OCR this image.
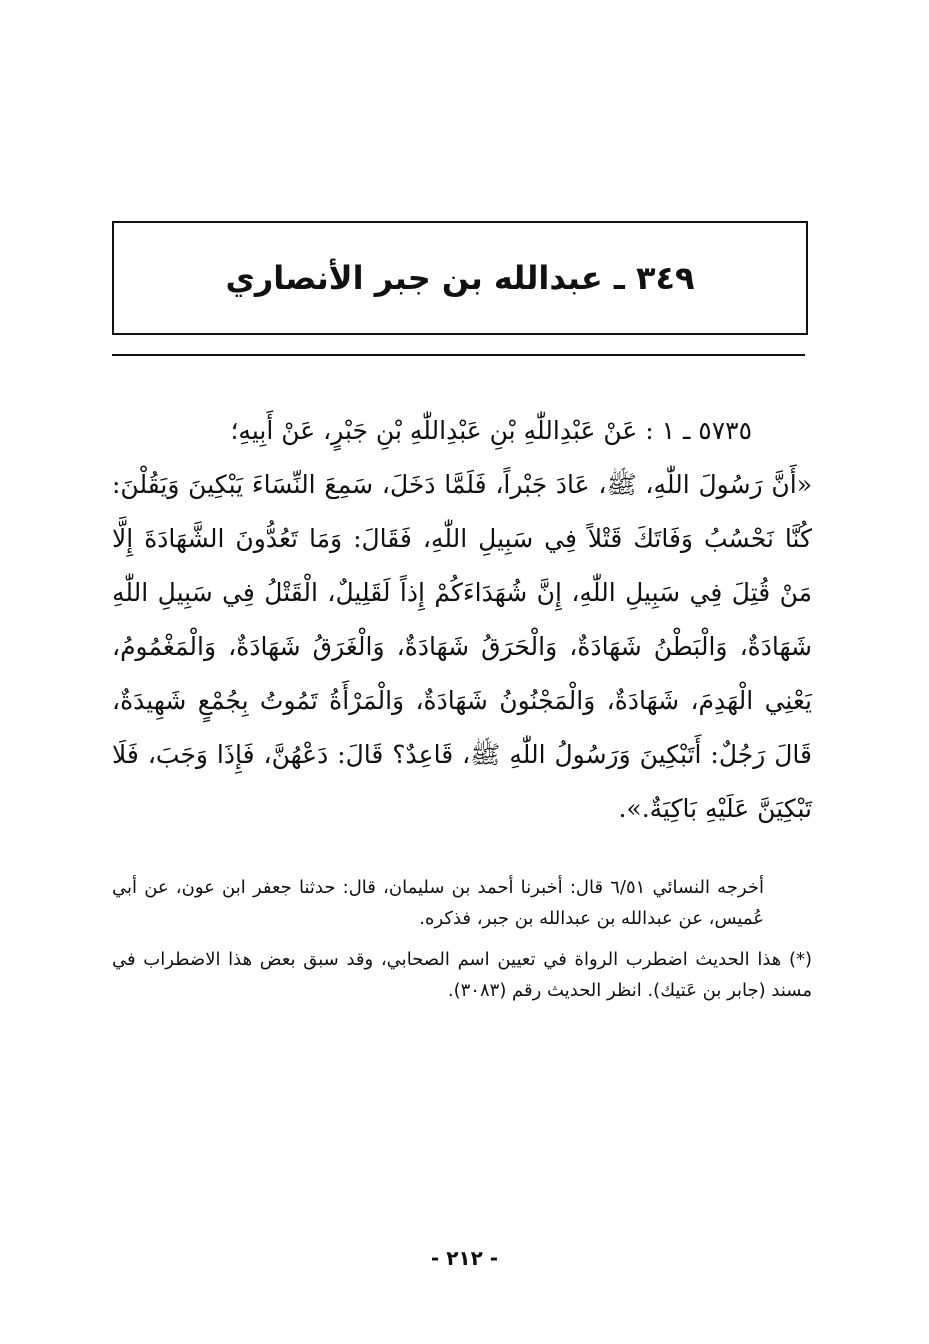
٣٤٩ ـ عبدالله بن جبر الأنصاري

٥٧٣٥ ـ ١ : عَنْ عَبْدِاللّٰهِ بْنِ عَبْدِاللّٰهِ بْنِ جَبْرٍ، عَنْ أَبِيهِ؛

«أَنَّ رَسُولَ اللّٰهِ، ﷺ، عَادَ جَبْراً، فَلَمَّا دَخَلَ، سَمِعَ النِّسَاءَ يَبْكِينَ وَيَقُلْنَ: كُنَّا نَحْسُبُ وَفَاتَكَ قَتْلاً فِي سَبِيلِ اللّٰهِ، فَقَالَ: وَمَا تَعُدُّونَ الشَّهَادَةَ إِلَّا مَنْ قُتِلَ فِي سَبِيلِ اللّٰهِ، إِنَّ شُهَدَاءَكُمْ إِذاً لَقَلِيلٌ، الْقَتْلُ فِي سَبِيلِ اللّٰهِ شَهَادَةٌ، وَالْبَطْنُ شَهَادَةٌ، وَالْحَرَقُ شَهَادَةٌ، وَالْغَرَقُ شَهَادَةٌ، وَالْمَغْمُومُ، يَعْنِي الْهَدِمَ، شَهَادَةٌ، وَالْمَجْنُونُ شَهَادَةٌ، وَالْمَرْأَةُ تَمُوتُ بِجُمْعٍ شَهِيدَةٌ، قَالَ رَجُلٌ: أَتَبْكِينَ وَرَسُولُ اللّٰهِ ﷺ، قَاعِدٌ؟ قَالَ: دَعْهُنَّ، فَإِذَا وَجَبَ، فَلَا تَبْكِيَنَّ عَلَيْهِ بَاكِيَةٌ.».

أخرجه النسائي ٦/٥١ قال: أخبرنا أحمد بن سليمان، قال: حدثنا جعفر ابن عون، عن أبي عُميس، عن عبدالله بن عبدالله بن جبر، فذكره.

(*) هذا الحديث اضطرب الرواة في تعيين اسم الصحابي، وقد سبق بعض هذا الاضطراب في مسند (جابر بن عَتيك). انظر الحديث رقم (٣٠٨٣).

- ٢١٢ -
